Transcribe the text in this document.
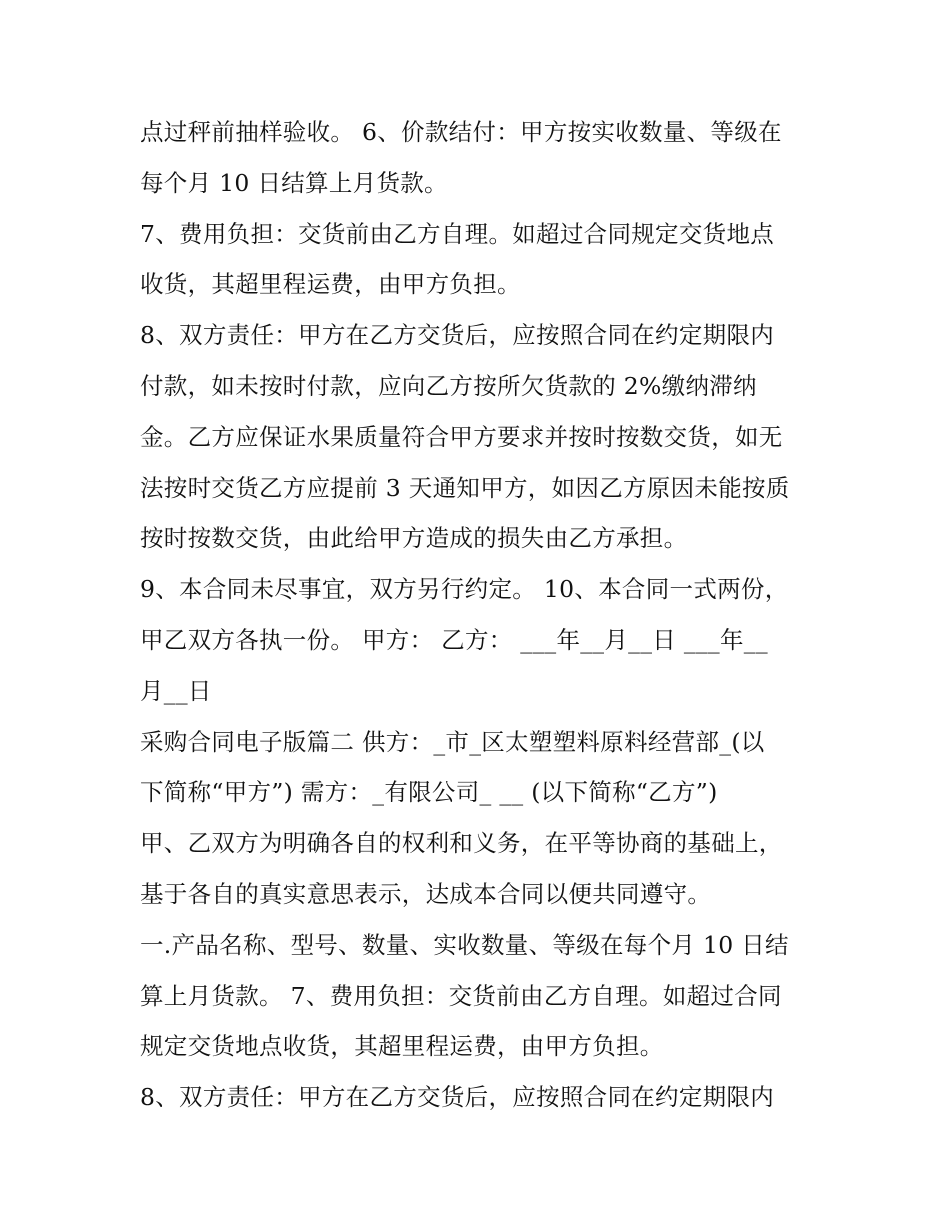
点过秤前抽样验收。 6、价款结付：甲方按实收数量、等级在
每个月 10 日结算上月货款。
7、费用负担：交货前由乙方自理。如超过合同规定交货地点
收货，其超里程运费，由甲方负担。
8、双方责任：甲方在乙方交货后，应按照合同在约定期限内
付款，如未按时付款，应向乙方按所欠货款的 2%缴纳滞纳
金。乙方应保证水果质量符合甲方要求并按时按数交货，如无
法按时交货乙方应提前 3 天通知甲方，如因乙方原因未能按质
按时按数交货，由此给甲方造成的损失由乙方承担。
9、本合同未尽事宜，双方另行约定。 10、本合同一式两份，
甲乙双方各执一份。 甲方： 乙方： ___年__月__日 ___年__
月__日
采购合同电子版篇二 供方：_市_区太塑塑料原料经营部_(以
下简称“甲方”) 需方：_有限公司_ __ (以下简称“乙方”)
甲、乙双方为明确各自的权利和义务，在平等协商的基础上，
基于各自的真实意思表示，达成本合同以便共同遵守。
一.产品名称、型号、数量、实收数量、等级在每个月 10 日结
算上月货款。 7、费用负担：交货前由乙方自理。如超过合同
规定交货地点收货，其超里程运费，由甲方负担。
8、双方责任：甲方在乙方交货后，应按照合同在约定期限内
